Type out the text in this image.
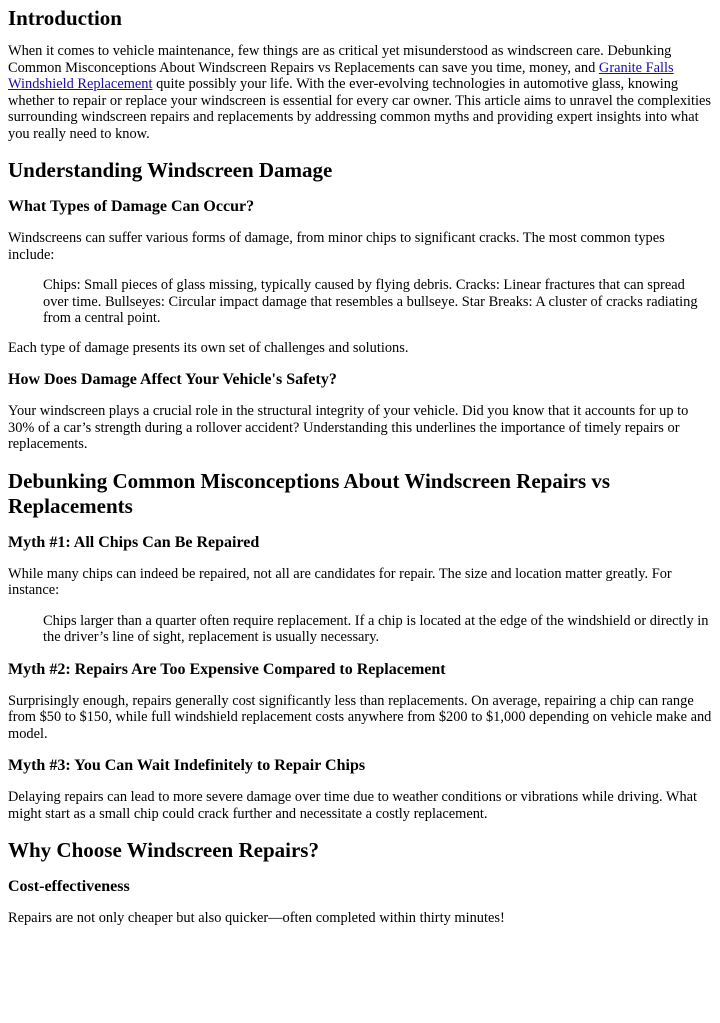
Introduction

When it comes to vehicle maintenance, few things are as critical yet misunderstood as windscreen care. Debunking Common Misconceptions About Windscreen Repairs vs Replacements can save you time, money, and Granite Falls Windshield Replacement quite possibly your life. With the ever-evolving technologies in automotive glass, knowing whether to repair or replace your windscreen is essential for every car owner. This article aims to unravel the complexities surrounding windscreen repairs and replacements by addressing common myths and providing expert insights into what you really need to know.

Understanding Windscreen Damage
What Types of Damage Can Occur?

Windscreens can suffer various forms of damage, from minor chips to significant cracks. The most common types include:

Chips: Small pieces of glass missing, typically caused by flying debris. Cracks: Linear fractures that can spread over time. Bullseyes: Circular impact damage that resembles a bullseye. Star Breaks: A cluster of cracks radiating from a central point.

Each type of damage presents its own set of challenges and solutions.

How Does Damage Affect Your Vehicle's Safety?

Your windscreen plays a crucial role in the structural integrity of your vehicle. Did you know that it accounts for up to 30% of a car’s strength during a rollover accident? Understanding this underlines the importance of timely repairs or replacements.

Debunking Common Misconceptions About Windscreen Repairs vs Replacements
Myth #1: All Chips Can Be Repaired

While many chips can indeed be repaired, not all are candidates for repair. The size and location matter greatly. For instance:

Chips larger than a quarter often require replacement. If a chip is located at the edge of the windshield or directly in the driver’s line of sight, replacement is usually necessary.
Myth #2: Repairs Are Too Expensive Compared to Replacement

Surprisingly enough, repairs generally cost significantly less than replacements. On average, repairing a chip can range from $50 to $150, while full windshield replacement costs anywhere from $200 to $1,000 depending on vehicle make and model.

Myth #3: You Can Wait Indefinitely to Repair Chips

Delaying repairs can lead to more severe damage over time due to weather conditions or vibrations while driving. What might start as a small chip could crack further and necessitate a costly replacement.

Why Choose Windscreen Repairs?
Cost-effectiveness

Repairs are not only cheaper but also quicker—often completed within thirty minutes!
